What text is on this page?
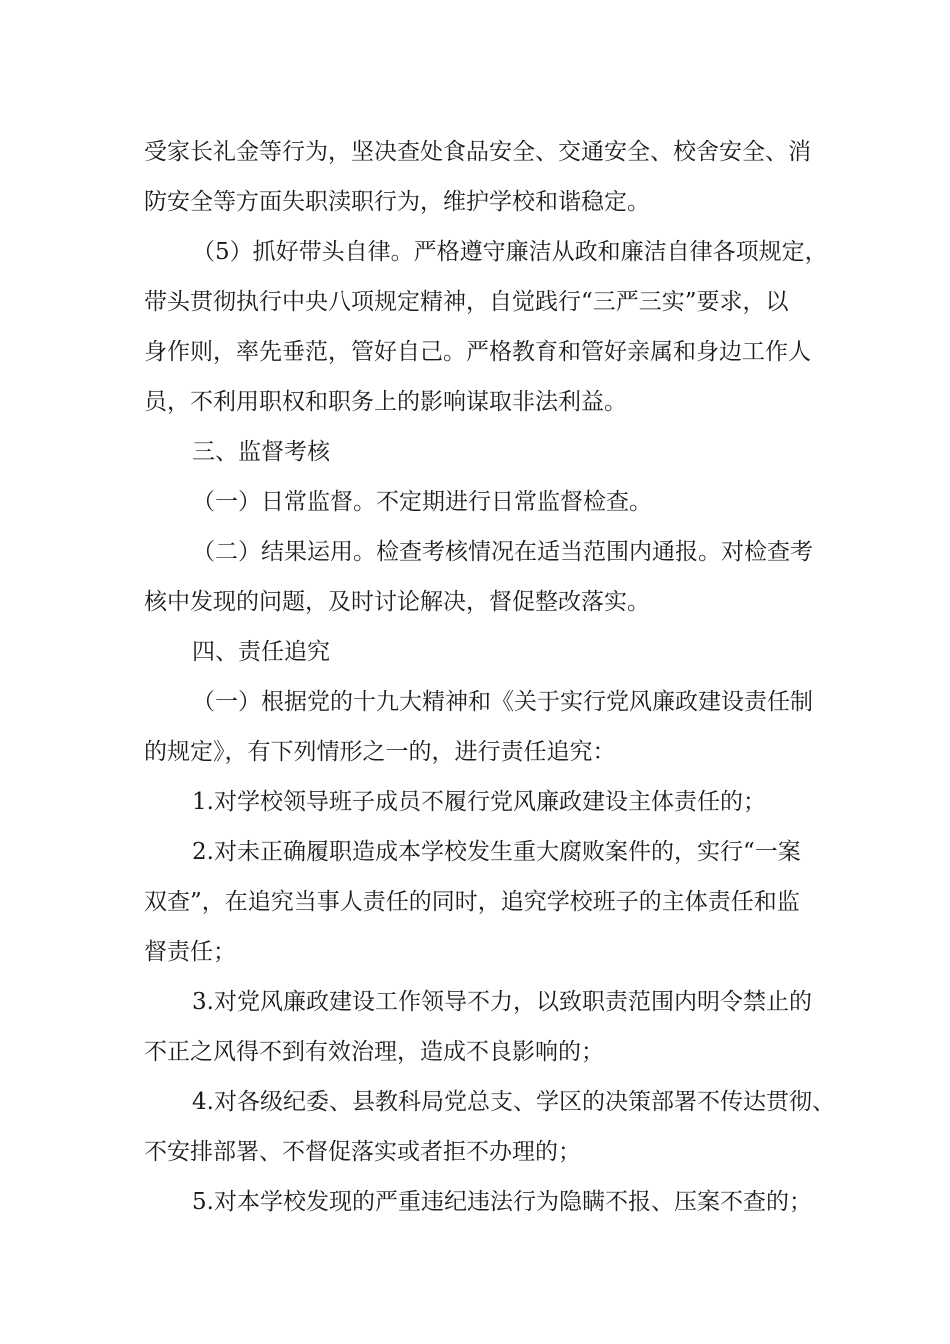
受家长礼金等行为，坚决查处食品安全、交通安全、校舍安全、消
防安全等方面失职渎职行为，维护学校和谐稳定。
（5）抓好带头自律。严格遵守廉洁从政和廉洁自律各项规定，
带头贯彻执行中央八项规定精神，自觉践行“三严三实”要求，以
身作则，率先垂范，管好自己。严格教育和管好亲属和身边工作人
员，不利用职权和职务上的影响谋取非法利益。
三、监督考核
（一）日常监督。不定期进行日常监督检查。
（二）结果运用。检查考核情况在适当范围内通报。对检查考
核中发现的问题，及时讨论解决，督促整改落实。
四、责任追究
（一）根据党的十九大精神和《关于实行党风廉政建设责任制
的规定》，有下列情形之一的，进行责任追究：
1.对学校领导班子成员不履行党风廉政建设主体责任的；
2.对未正确履职造成本学校发生重大腐败案件的，实行“一案
双查”，在追究当事人责任的同时，追究学校班子的主体责任和监
督责任；
3.对党风廉政建设工作领导不力，以致职责范围内明令禁止的
不正之风得不到有效治理，造成不良影响的；
4.对各级纪委、县教科局党总支、学区的决策部署不传达贯彻、
不安排部署、不督促落实或者拒不办理的；
5.对本学校发现的严重违纪违法行为隐瞒不报、压案不查的；
